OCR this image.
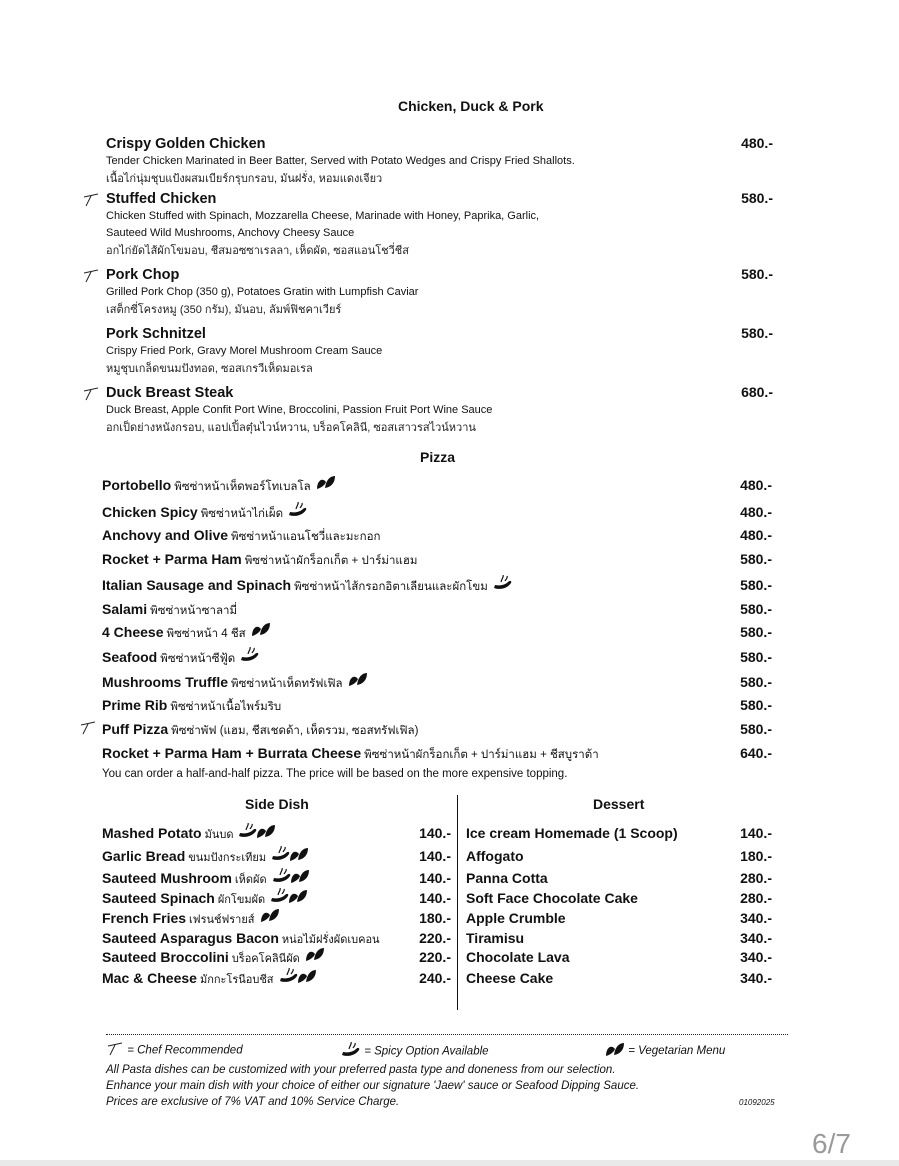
Chicken, Duck & Pork
Crispy Golden Chicken
Tender Chicken Marinated in Beer Batter, Served with Potato Wedges and Crispy Fried Shallots.
เนื้อไก่นุ่มชุบแป้งผสมเบียร์กรุบกรอบ, มันฝรั่ง, หอมแดงเจียว
480.-
Stuffed Chicken
Chicken Stuffed with Spinach, Mozzarella Cheese, Marinade with Honey, Paprika, Garlic,
Sauteed Wild Mushrooms, Anchovy Cheesy Sauce
อกไก่ยัดไส้ผักโขมอบ, ชีสมอซซาเรลลา, เห็ดผัด, ซอสแอนโชวี่ชีส
580.-
Pork Chop
Grilled Pork Chop (350 g), Potatoes Gratin with Lumpfish Caviar
เสต็กซี่โครงหมู (350 กรัม), มันอบ, ลัมพ์ฟิชคาเวียร์
580.-
Pork Schnitzel
Crispy Fried Pork, Gravy Morel Mushroom Cream Sauce
หมูชุบเกล็ดขนมปังทอด, ซอสเกรวีเห็ดมอเรล
580.-
Duck Breast Steak
Duck Breast, Apple Confit Port Wine, Broccolini, Passion Fruit Port Wine Sauce
อกเป็ดย่างหนังกรอบ, แอปเปิ้ลตุ๋นไวน์หวาน, บร็อคโคลินี, ซอสเสาวรสไวน์หวาน
680.-
Pizza
Portobello พิซซ่าหน้าเห็ดพอร์โทเบลโล	480.-
Chicken Spicy พิซซ่าหน้าไก่เผ็ด	480.-
Anchovy and Olive พิซซ่าหน้าแอนโชวี่และมะกอก	480.-
Rocket + Parma Ham พิซซ่าหน้าผักร็อกเก็ต + ปาร์ม่าแฮม	580.-
Italian Sausage and Spinach พิซซ่าหน้าไส้กรอกอิตาเลียนและผักโขม	580.-
Salami พิซซ่าหน้าซาลามี่	580.-
4 Cheese พิซซ่าหน้า 4 ชีส	580.-
Seafood พิซซ่าหน้าซีฟู้ด	580.-
Mushrooms Truffle พิซซ่าหน้าเห็ดทรัฟเฟิล	580.-
Prime Rib พิซซ่าหน้าเนื้อไพร์มริบ	580.-
Puff Pizza พิซซ่าพัฟ (แฮม, ชีสเชดด้า, เห็ดรวม, ซอสทรัฟเฟิล)	580.-
Rocket + Parma Ham + Burrata Cheese พิซซ่าหน้าผักร็อกเก็ต + ปาร์ม่าแฮม + ชีสบูราต้า	640.-
You can order a half-and-half pizza. The price will be based on the more expensive topping.
Side Dish	Dessert
Mashed Potato มันบด	140.-
Garlic Bread ขนมปังกระเทียม	140.-
Sauteed Mushroom เห็ดผัด	140.-
Sauteed Spinach ผักโขมผัด	140.-
French Fries เฟรนช์ฟรายส์	180.-
Sauteed Asparagus Bacon หน่อไม้ฝรั่งผัดเบคอน	220.-
Sauteed Broccolini บร็อคโคลินีผัด	220.-
Mac & Cheese มักกะโรนีอบชีส	240.-
Ice cream Homemade (1 Scoop)	140.-
Affogato	180.-
Panna Cotta	280.-
Soft Face Chocolate Cake	280.-
Apple Crumble	340.-
Tiramisu	340.-
Chocolate Lava	340.-
Cheese Cake	340.-
= Chef Recommended	= Spicy Option Available	= Vegetarian Menu
All Pasta dishes can be customized with your preferred pasta type and doneness from our selection.
Enhance your main dish with your choice of either our signature 'Jaew' sauce or Seafood Dipping Sauce.
Prices are exclusive of 7% VAT and 10% Service Charge.	01092025
6/7
